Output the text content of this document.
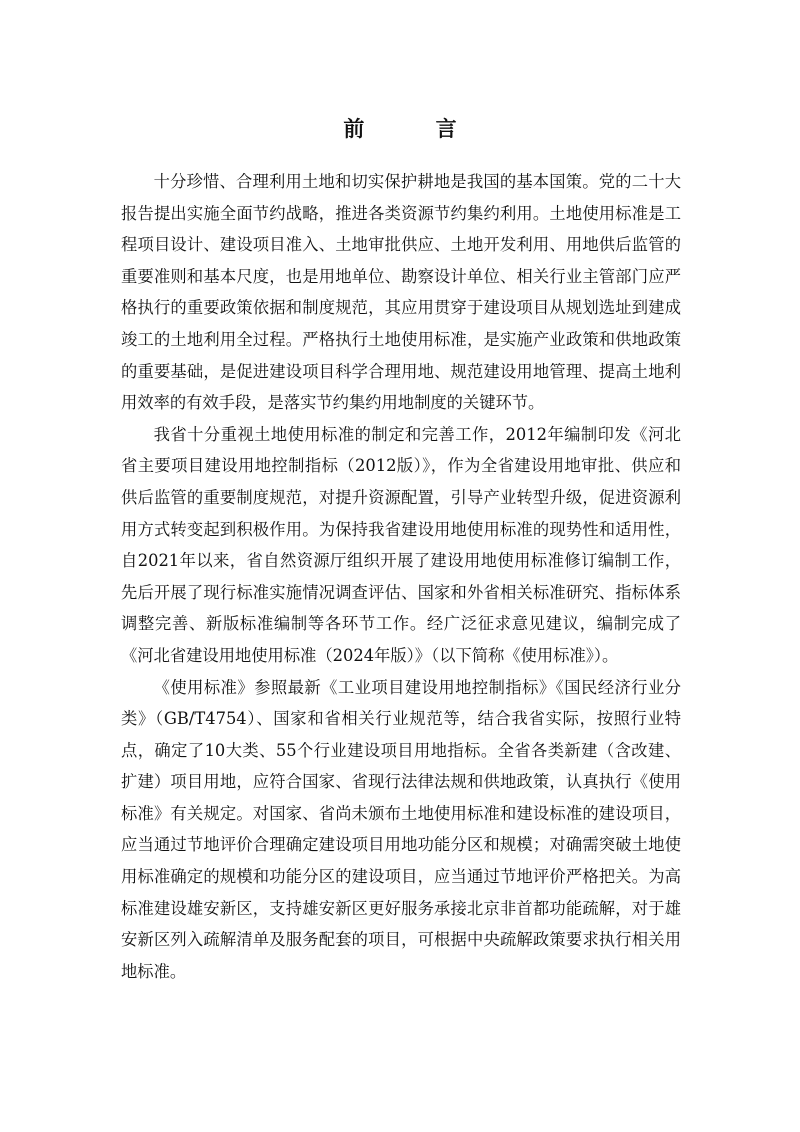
前 言

十分珍惜、合理利用土地和切实保护耕地是我国的基本国策。党的二十大报告提出实施全面节约战略，推进各类资源节约集约利用。土地使用标准是工程项目设计、建设项目准入、土地审批供应、土地开发利用、用地供后监管的重要准则和基本尺度，也是用地单位、勘察设计单位、相关行业主管部门应严格执行的重要政策依据和制度规范，其应用贯穿于建设项目从规划选址到建成竣工的土地利用全过程。严格执行土地使用标准，是实施产业政策和供地政策的重要基础，是促进建设项目科学合理用地、规范建设用地管理、提高土地利用效率的有效手段，是落实节约集约用地制度的关键环节。

我省十分重视土地使用标准的制定和完善工作，2012年编制印发《河北省主要项目建设用地控制指标（2012版）》，作为全省建设用地审批、供应和供后监管的重要制度规范，对提升资源配置，引导产业转型升级，促进资源利用方式转变起到积极作用。为保持我省建设用地使用标准的现势性和适用性，自2021年以来，省自然资源厅组织开展了建设用地使用标准修订编制工作，先后开展了现行标准实施情况调查评估、国家和外省相关标准研究、指标体系调整完善、新版标准编制等各环节工作。经广泛征求意见建议，编制完成了《河北省建设用地使用标准（2024年版）》（以下简称《使用标准》）。

《使用标准》参照最新《工业项目建设用地控制指标》《国民经济行业分类》（GB/T4754）、国家和省相关行业规范等，结合我省实际，按照行业特点，确定了10大类、55个行业建设项目用地指标。全省各类新建（含改建、扩建）项目用地，应符合国家、省现行法律法规和供地政策，认真执行《使用标准》有关规定。对国家、省尚未颁布土地使用标准和建设标准的建设项目，应当通过节地评价合理确定建设项目用地功能分区和规模；对确需突破土地使用标准确定的规模和功能分区的建设项目，应当通过节地评价严格把关。为高标准建设雄安新区，支持雄安新区更好服务承接北京非首都功能疏解，对于雄安新区列入疏解清单及服务配套的项目，可根据中央疏解政策要求执行相关用地标准。
